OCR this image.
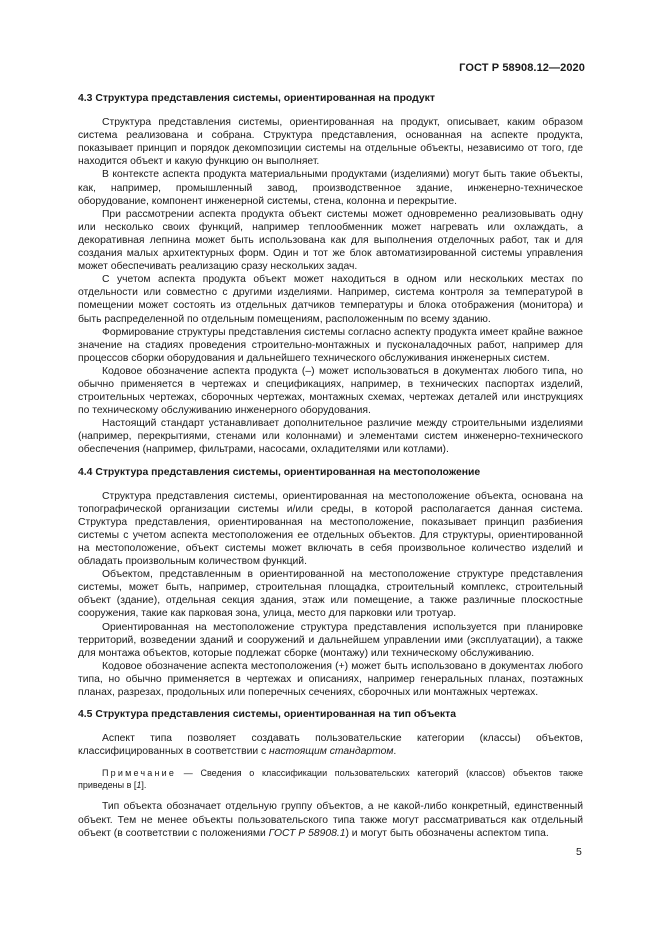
ГОСТ Р 58908.12—2020
4.3 Структура представления системы, ориентированная на продукт

Структура представления системы, ориентированная на продукт, описывает, каким образом система реализована и собрана. Структура представления, основанная на аспекте продукта, показывает принцип и порядок декомпозиции системы на отдельные объекты, независимо от того, где находится объект и какую функцию он выполняет.

В контексте аспекта продукта материальными продуктами (изделиями) могут быть такие объекты, как, например, промышленный завод, производственное здание, инженерно-техническое оборудование, компонент инженерной системы, стена, колонна и перекрытие.

При рассмотрении аспекта продукта объект системы может одновременно реализовывать одну или несколько своих функций, например теплообменник может нагревать или охлаждать, а декоративная лепнина может быть использована как для выполнения отделочных работ, так и для создания малых архитектурных форм. Один и тот же блок автоматизированной системы управления может обеспечивать реализацию сразу нескольких задач.

С учетом аспекта продукта объект может находиться в одном или нескольких местах по отдельности или совместно с другими изделиями. Например, система контроля за температурой в помещении может состоять из отдельных датчиков температуры и блока отображения (монитора) и быть распределенной по отдельным помещениям, расположенным по всему зданию.

Формирование структуры представления системы согласно аспекту продукта имеет крайне важное значение на стадиях проведения строительно-монтажных и пусконаладочных работ, например для процессов сборки оборудования и дальнейшего технического обслуживания инженерных систем.

Кодовое обозначение аспекта продукта (–) может использоваться в документах любого типа, но обычно применяется в чертежах и спецификациях, например, в технических паспортах изделий, строительных чертежах, сборочных чертежах, монтажных схемах, чертежах деталей или инструкциях по техническому обслуживанию инженерного оборудования.

Настоящий стандарт устанавливает дополнительное различие между строительными изделиями (например, перекрытиями, стенами или колоннами) и элементами систем инженерно-технического обеспечения (например, фильтрами, насосами, охладителями или котлами).

4.4 Структура представления системы, ориентированная на местоположение

Структура представления системы, ориентированная на местоположение объекта, основана на топографической организации системы и/или среды, в которой располагается данная система. Структура представления, ориентированная на местоположение, показывает принцип разбиения системы с учетом аспекта местоположения ее отдельных объектов. Для структуры, ориентированной на местоположение, объект системы может включать в себя произвольное количество изделий и обладать произвольным количеством функций.

Объектом, представленным в ориентированной на местоположение структуре представления системы, может быть, например, строительная площадка, строительный комплекс, строительный объект (здание), отдельная секция здания, этаж или помещение, а также различные плоскостные сооружения, такие как парковая зона, улица, место для парковки или тротуар.

Ориентированная на местоположение структура представления используется при планировке территорий, возведении зданий и сооружений и дальнейшем управлении ими (эксплуатации), а также для монтажа объектов, которые подлежат сборке (монтажу) или техническому обслуживанию.

Кодовое обозначение аспекта местоположения (+) может быть использовано в документах любого типа, но обычно применяется в чертежах и описаниях, например генеральных планах, поэтажных планах, разрезах, продольных или поперечных сечениях, сборочных или монтажных чертежах.

4.5 Структура представления системы, ориентированная на тип объекта

Аспект типа позволяет создавать пользовательские категории (классы) объектов, классифицированных в соответствии с настоящим стандартом.

Примечание — Сведения о классификации пользовательских категорий (классов) объектов также приведены в [1].

Тип объекта обозначает отдельную группу объектов, а не какой-либо конкретный, единственный объект. Тем не менее объекты пользовательского типа также могут рассматриваться как отдельный объект (в соответствии с положениями ГОСТ Р 58908.1) и могут быть обозначены аспектом типа.

5
